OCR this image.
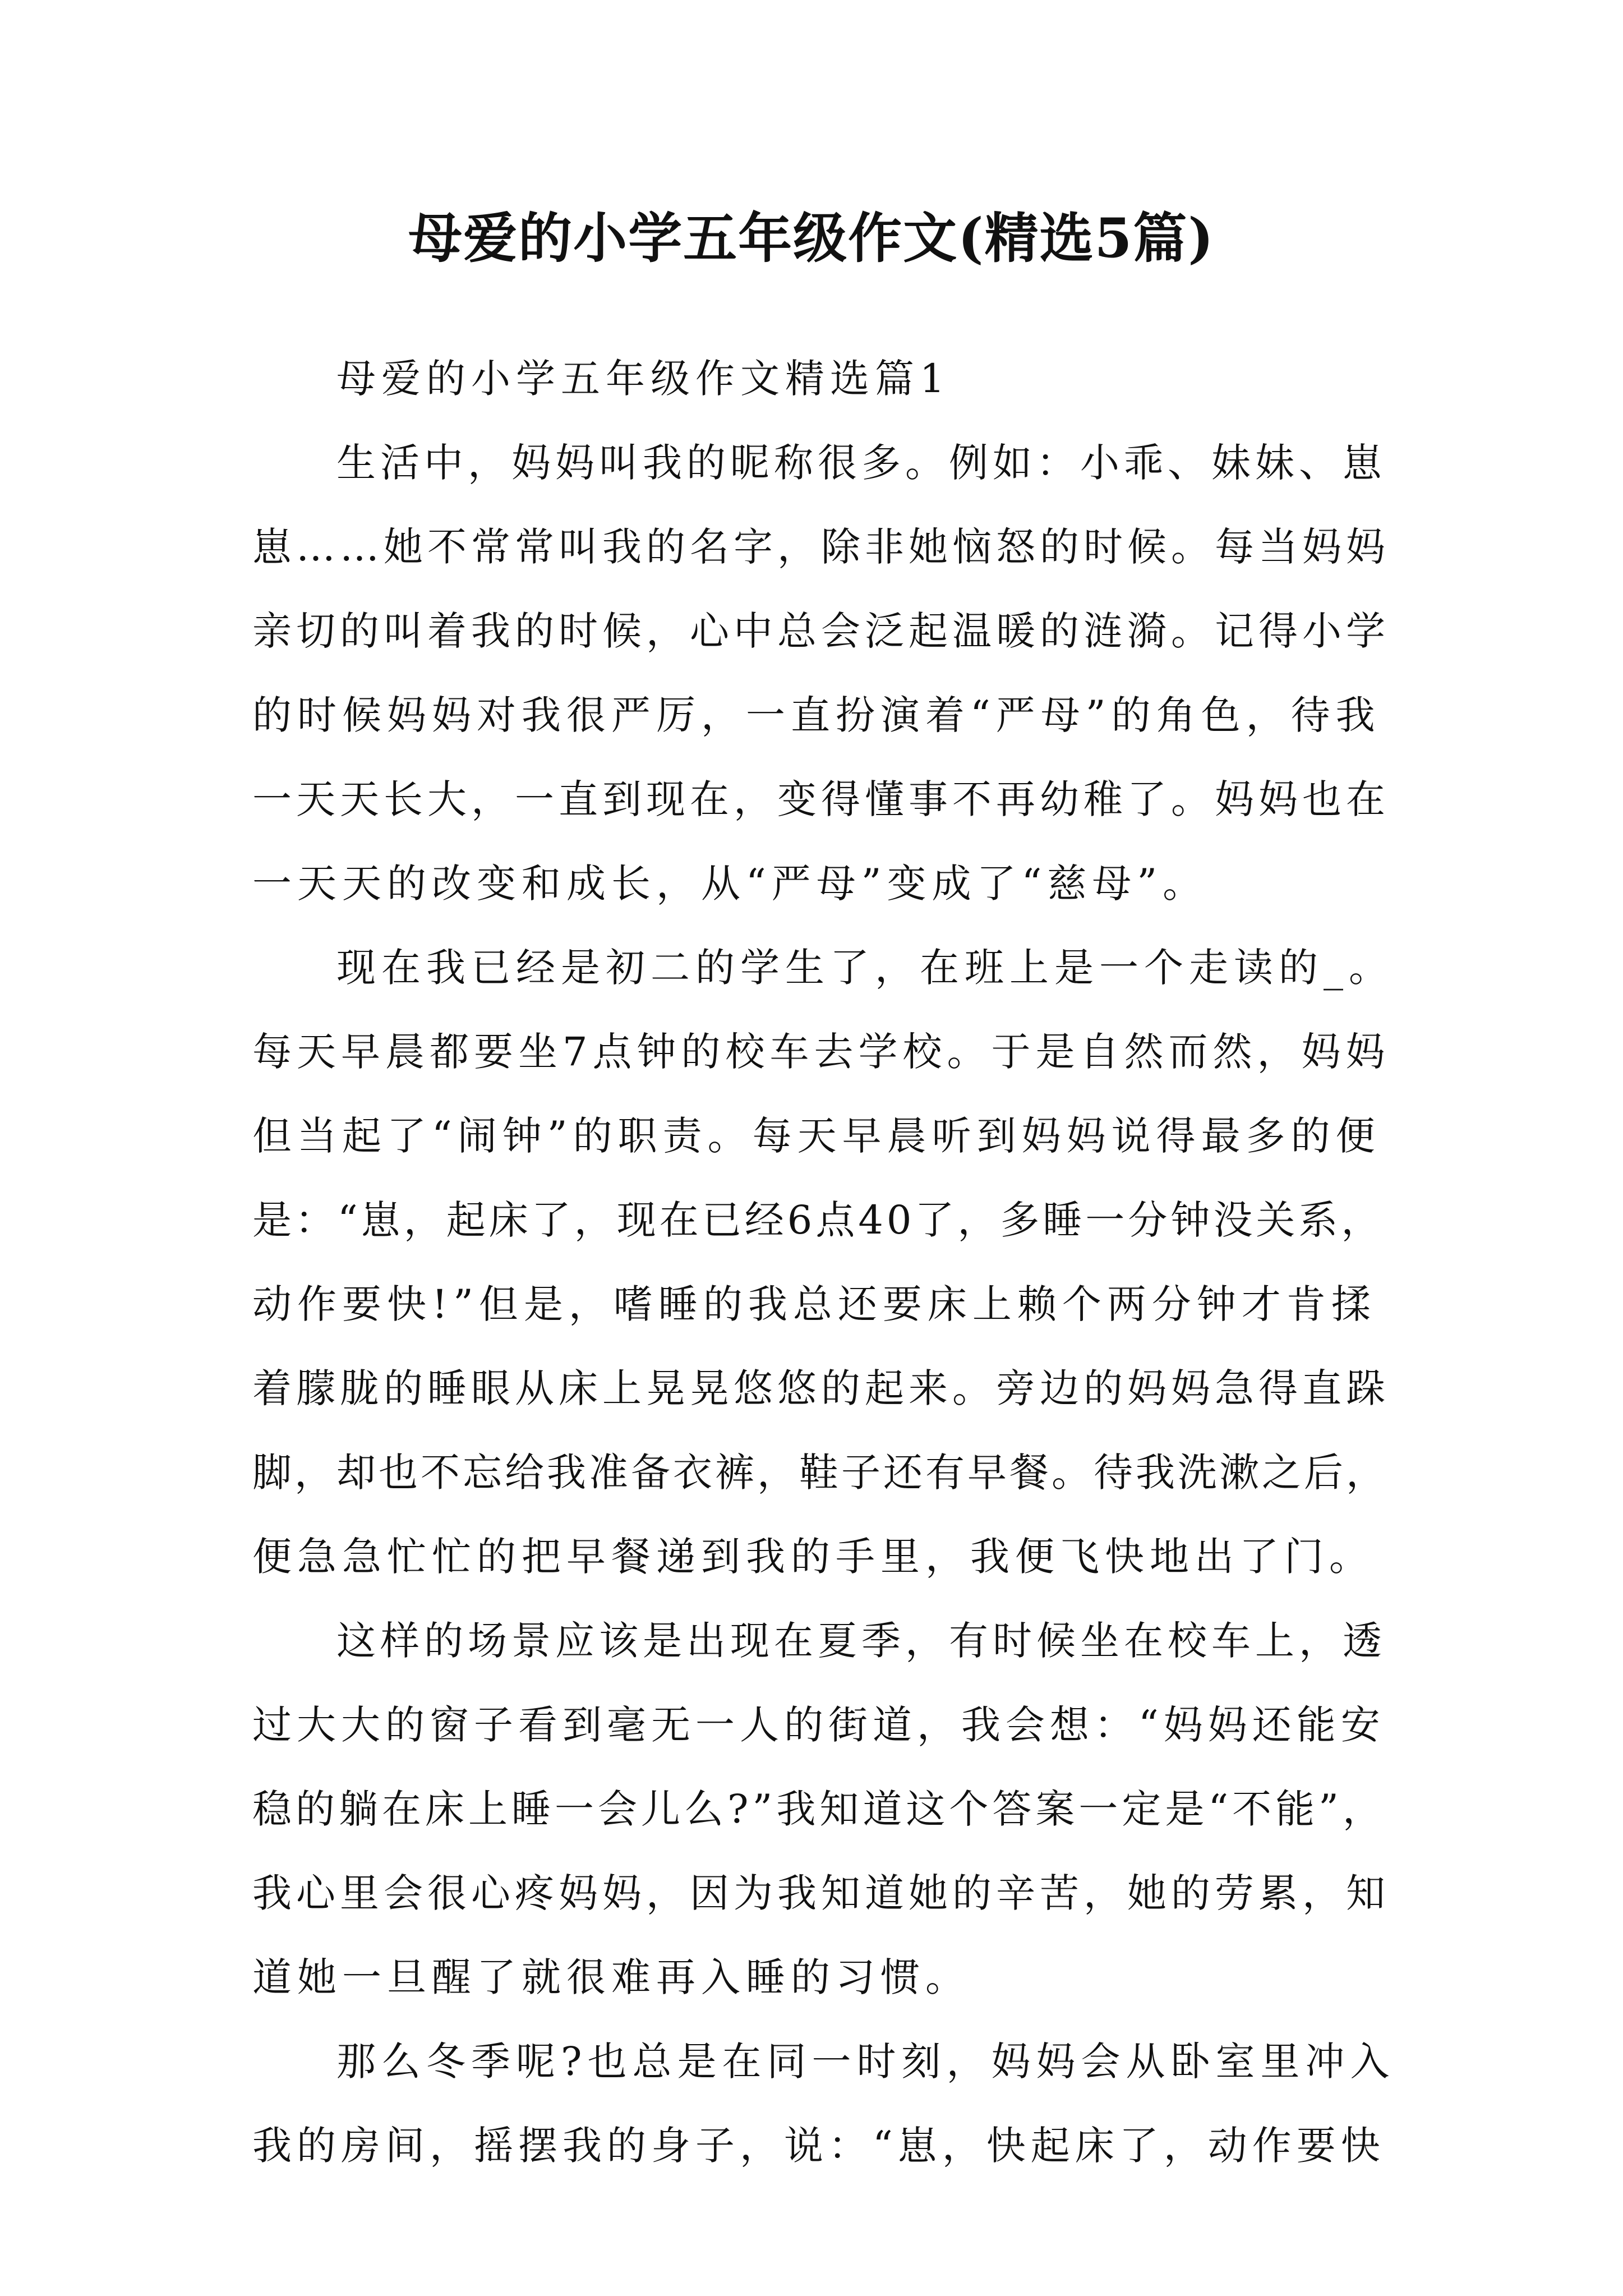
母爱的小学五年级作文(精选5篇)
母爱的小学五年级作文精选篇1
生活中，妈妈叫我的昵称很多。例如：小乖、妹妹、崽
崽……她不常常叫我的名字，除非她恼怒的时候。每当妈妈
亲切的叫着我的时候，心中总会泛起温暖的涟漪。记得小学
的时候妈妈对我很严厉，一直扮演着“严母”的角色，待我
一天天长大，一直到现在，变得懂事不再幼稚了。妈妈也在
一天天的改变和成长，从“严母”变成了“慈母”。
现在我已经是初二的学生了，在班上是一个走读的_。
每天早晨都要坐7点钟的校车去学校。于是自然而然，妈妈
但当起了“闹钟”的职责。每天早晨听到妈妈说得最多的便
是：“崽，起床了，现在已经6点40了，多睡一分钟没关系，
动作要快!”但是，嗜睡的我总还要床上赖个两分钟才肯揉
着朦胧的睡眼从床上晃晃悠悠的起来。旁边的妈妈急得直跺
脚，却也不忘给我准备衣裤，鞋子还有早餐。待我洗漱之后，
便急急忙忙的把早餐递到我的手里，我便飞快地出了门。
这样的场景应该是出现在夏季，有时候坐在校车上，透
过大大的窗子看到毫无一人的街道，我会想：“妈妈还能安
稳的躺在床上睡一会儿么?”我知道这个答案一定是“不能”，
我心里会很心疼妈妈，因为我知道她的辛苦，她的劳累，知
道她一旦醒了就很难再入睡的习惯。
那么冬季呢?也总是在同一时刻，妈妈会从卧室里冲入
我的房间，摇摆我的身子，说：“崽，快起床了，动作要快
